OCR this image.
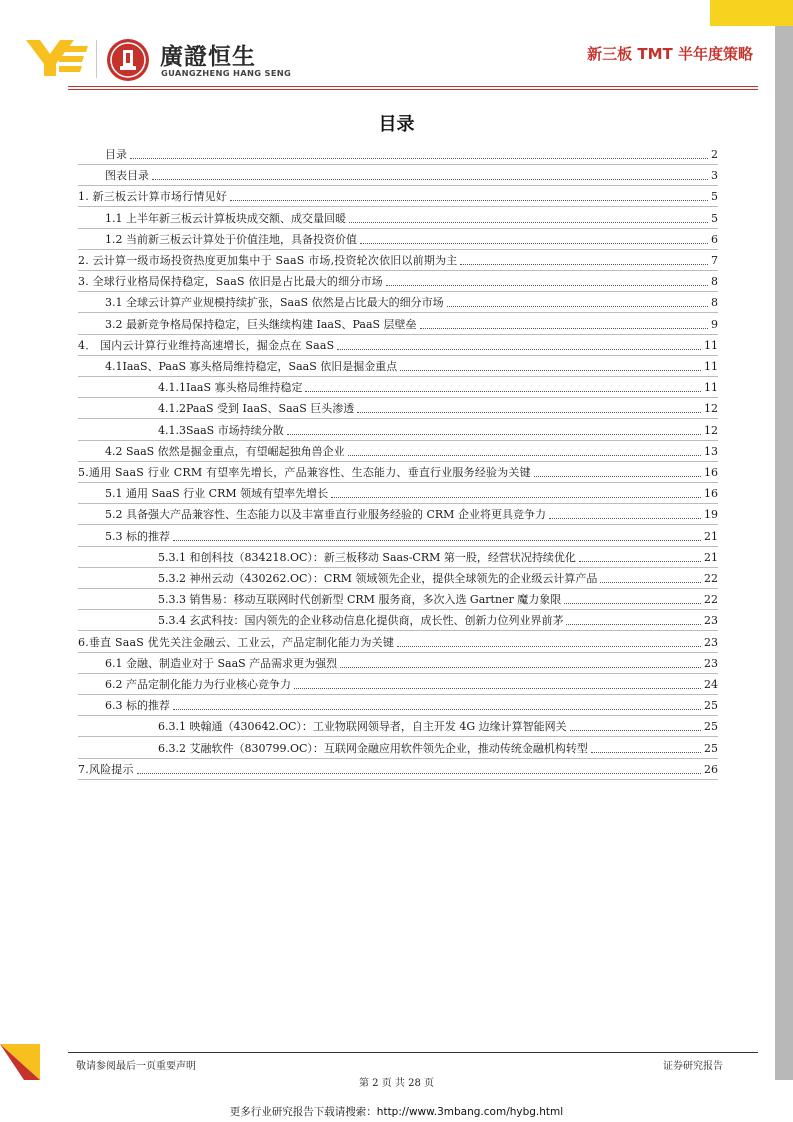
廣證恒生
GUANGZHENG HANG SENG
新三板 TMT 半年度策略
目录
目录	2
图表目录	3
1. 新三板云计算市场行情见好	5
1.1 上半年新三板云计算板块成交额、成交量回暖	5
1.2 当前新三板云计算处于价值洼地，具备投资价值	6
2. 云计算一级市场投资热度更加集中于 SaaS 市场,投资轮次依旧以前期为主	7
3. 全球行业格局保持稳定，SaaS 依旧是占比最大的细分市场	8
3.1 全球云计算产业规模持续扩张，SaaS 依然是占比最大的细分市场	8
3.2 最新竞争格局保持稳定，巨头继续构建 IaaS、PaaS 层壁垒	9
4． 国内云计算行业维持高速增长，掘金点在 SaaS	11
4.1IaaS、PaaS 寡头格局维持稳定，SaaS 依旧是掘金重点	11
4.1.1IaaS 寡头格局维持稳定	11
4.1.2PaaS 受到 IaaS、SaaS 巨头渗透	12
4.1.3SaaS 市场持续分散	12
4.2 SaaS 依然是掘金重点，有望崛起独角兽企业	13
5.通用 SaaS 行业 CRM 有望率先增长，产品兼容性、生态能力、垂直行业服务经验为关键	16
5.1 通用 SaaS 行业 CRM 领域有望率先增长	16
5.2 具备强大产品兼容性、生态能力以及丰富垂直行业服务经验的 CRM 企业将更具竞争力	19
5.3 标的推荐	21
5.3.1 和创科技（834218.OC）：新三板移动 Saas-CRM 第一股，经营状况持续优化	21
5.3.2 神州云动（430262.OC）：CRM 领域领先企业，提供全球领先的企业级云计算产品	22
5.3.3 销售易：移动互联网时代创新型 CRM 服务商，多次入选 Gartner 魔力象限	22
5.3.4 玄武科技：国内领先的企业移动信息化提供商，成长性、创新力位列业界前茅	23
6.垂直 SaaS 优先关注金融云、工业云，产品定制化能力为关键	23
6.1 金融、制造业对于 SaaS 产品需求更为强烈	23
6.2 产品定制化能力为行业核心竞争力	24
6.3 标的推荐	25
6.3.1 映翰通（430642.OC）：工业物联网领导者，自主开发 4G 边缘计算智能网关	25
6.3.2 艾融软件（830799.OC）：互联网金融应用软件领先企业，推动传统金融机构转型	25
7.风险提示	26
敬请参阅最后一页重要声明	证券研究报告
第 2 页 共 28 页
更多行业研究报告下载请搜索：http://www.3mbang.com/hybg.html
